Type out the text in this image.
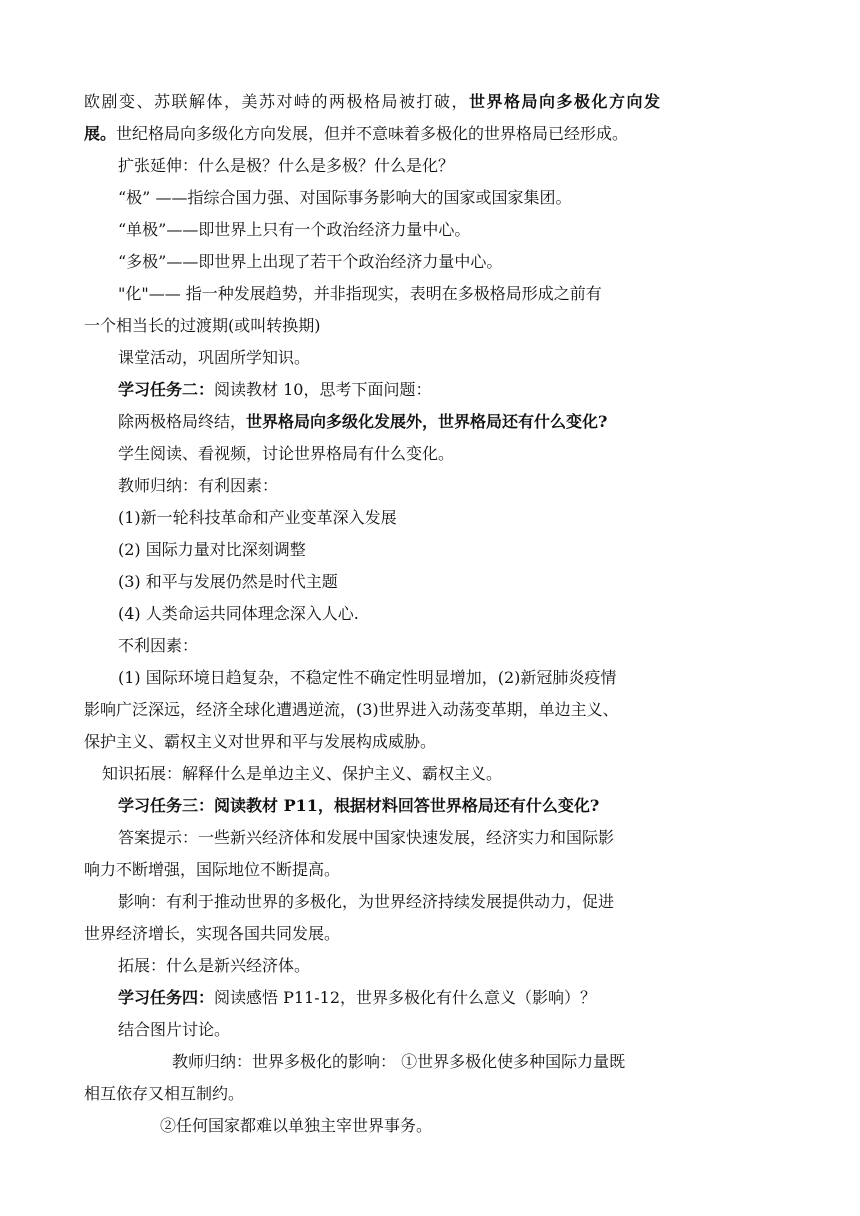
欧剧变、苏联解体，美苏对峙的两极格局被打破，世界格局向多极化方向发
展。世纪格局向多级化方向发展，但并不意味着多极化的世界格局已经形成。
扩张延伸：什么是极？什么是多极？什么是化？
“极” ——指综合国力强、对国际事务影响大的国家或国家集团。
“单极”——即世界上只有一个政治经济力量中心。
“多极”——即世界上出现了若干个政治经济力量中心。
"化"—— 指一种发展趋势，并非指现实，表明在多极格局形成之前有
一个相当长的过渡期(或叫转换期)
课堂活动，巩固所学知识。
学习任务二：阅读教材 10，思考下面问题：
除两极格局终结，世界格局向多级化发展外，世界格局还有什么变化?
学生阅读、看视频，讨论世界格局有什么变化。
教师归纳：有利因素：
(1)新一轮科技革命和产业变革深入发展
(2) 国际力量对比深刻调整
(3) 和平与发展仍然是时代主题
(4) 人类命运共同体理念深入人心.
不利因素：
(1) 国际环境日趋复杂，不稳定性不确定性明显增加，(2)新冠肺炎疫情
影响广泛深远，经济全球化遭遇逆流，(3)世界进入动荡变革期，单边主义、
保护主义、霸权主义对世界和平与发展构成威胁。
知识拓展：解释什么是单边主义、保护主义、霸权主义。
学习任务三：阅读教材 P11，根据材料回答世界格局还有什么变化?
答案提示：一些新兴经济体和发展中国家快速发展，经济实力和国际影
响力不断增强，国际地位不断提高。
影响：有利于推动世界的多极化，为世界经济持续发展提供动力，促进
世界经济增长，实现各国共同发展。
拓展：什么是新兴经济体。
学习任务四：阅读感悟 P11-12，世界多极化有什么意义（影响）？
结合图片讨论。
教师归纳：世界多极化的影响： ①世界多极化使多种国际力量既
相互依存又相互制约。
②任何国家都难以单独主宰世界事务。
